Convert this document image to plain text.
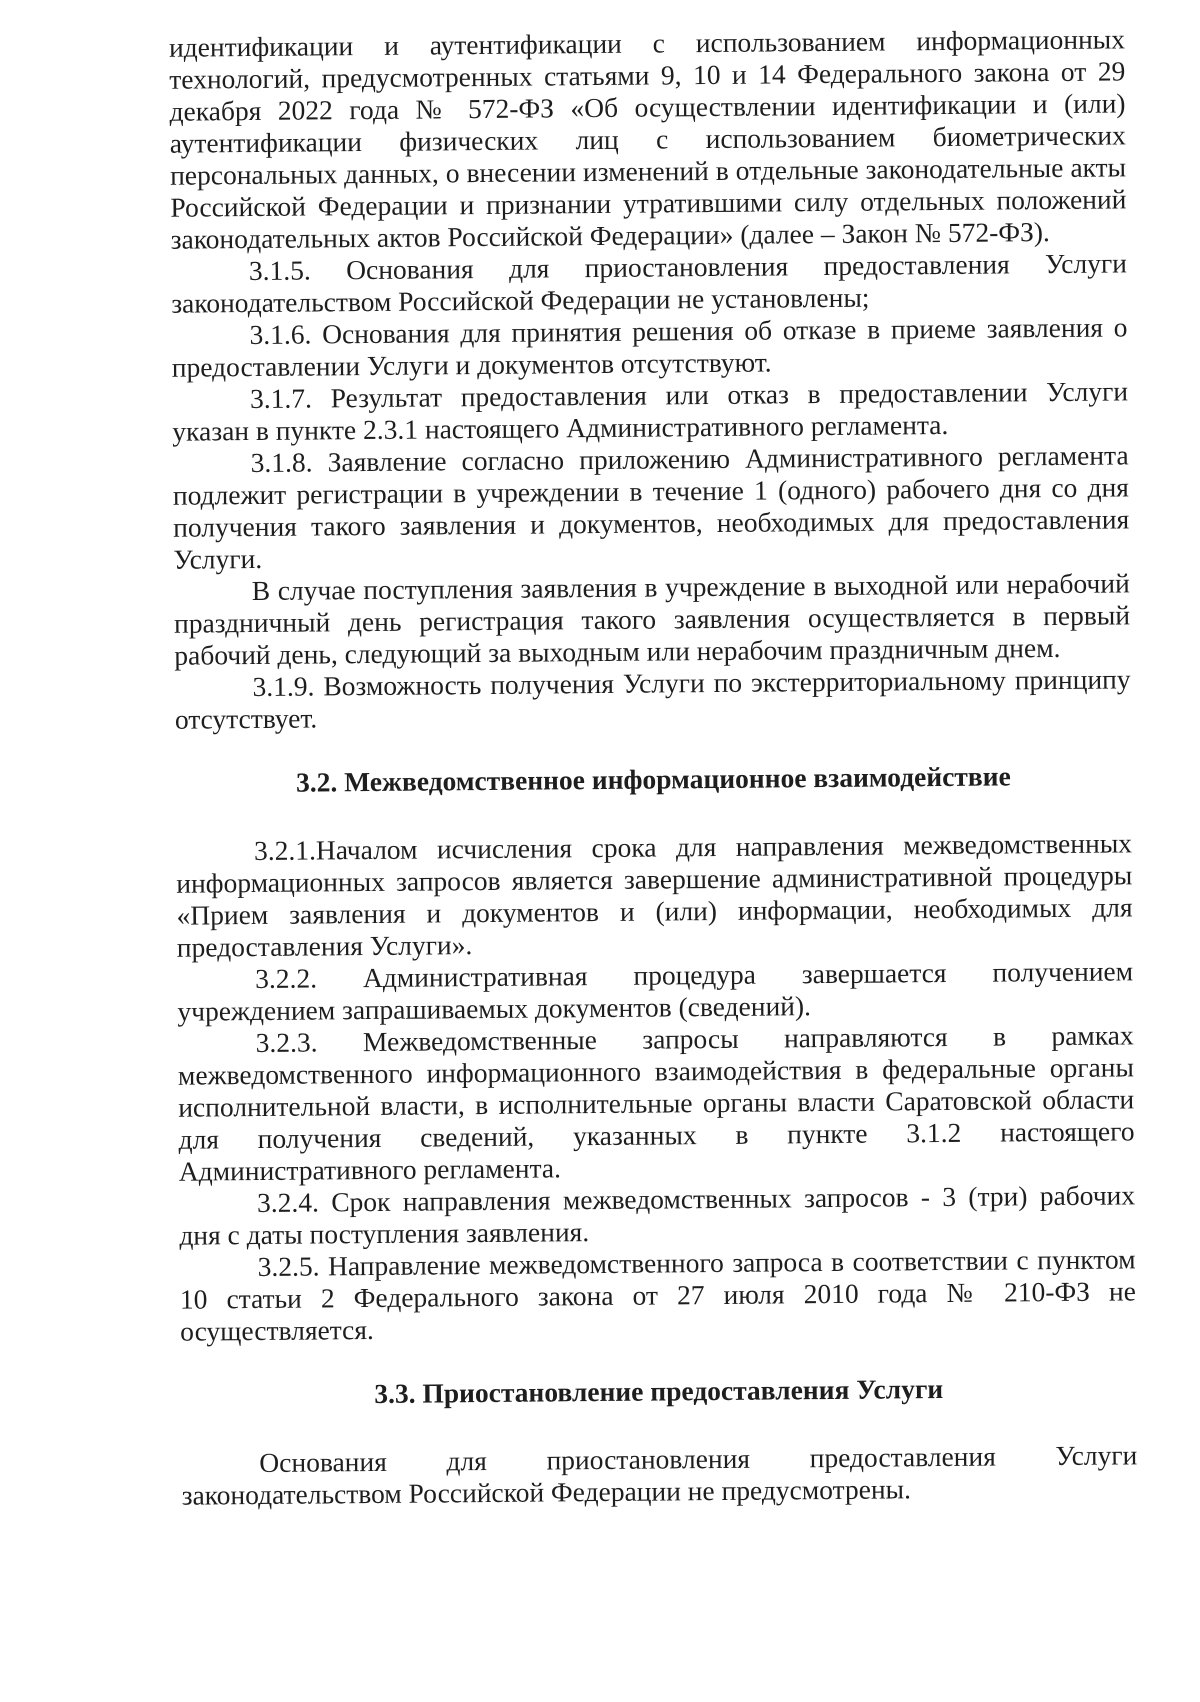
идентификации и аутентификации с использованием информационных технологий, предусмотренных статьями 9, 10 и 14 Федерального закона от 29 декабря 2022 года № 572-ФЗ «Об осуществлении идентификации и (или) аутентификации физических лиц с использованием биометрических персональных данных, о внесении изменений в отдельные законодательные акты Российской Федерации и признании утратившими силу отдельных положений законодательных актов Российской Федерации» (далее – Закон № 572-ФЗ).

3.1.5. Основания для приостановления предоставления Услуги законодательством Российской Федерации не установлены;

3.1.6. Основания для принятия решения об отказе в приеме заявления о предоставлении Услуги и документов отсутствуют.

3.1.7. Результат предоставления или отказ в предоставлении Услуги указан в пункте 2.3.1 настоящего Административного регламента.

3.1.8. Заявление согласно приложению Административного регламента подлежит регистрации в учреждении в течение 1 (одного) рабочего дня со дня получения такого заявления и документов, необходимых для предоставления Услуги.

В случае поступления заявления в учреждение в выходной или нерабочий праздничный день регистрация такого заявления осуществляется в первый рабочий день, следующий за выходным или нерабочим праздничным днем.

3.1.9. Возможность получения Услуги по экстерриториальному принципу отсутствует.

3.2. Межведомственное информационное взаимодействие

3.2.1.Началом исчисления срока для направления межведомственных информационных запросов является завершение административной процедуры «Прием заявления и документов и (или) информации, необходимых для предоставления Услуги».

3.2.2. Административная процедура завершается получением учреждением запрашиваемых документов (сведений).

3.2.3. Межведомственные запросы направляются в рамках межведомственного информационного взаимодействия в федеральные органы исполнительной власти, в исполнительные органы власти Саратовской области для получения сведений, указанных в пункте 3.1.2 настоящего Административного регламента.

3.2.4. Срок направления межведомственных запросов - 3 (три) рабочих дня с даты поступления заявления.

3.2.5. Направление межведомственного запроса в соответствии с пунктом 10 статьи 2 Федерального закона от 27 июля 2010 года № 210-ФЗ не осуществляется.

3.3. Приостановление предоставления Услуги

Основания для приостановления предоставления Услуги законодательством Российской Федерации не предусмотрены.
